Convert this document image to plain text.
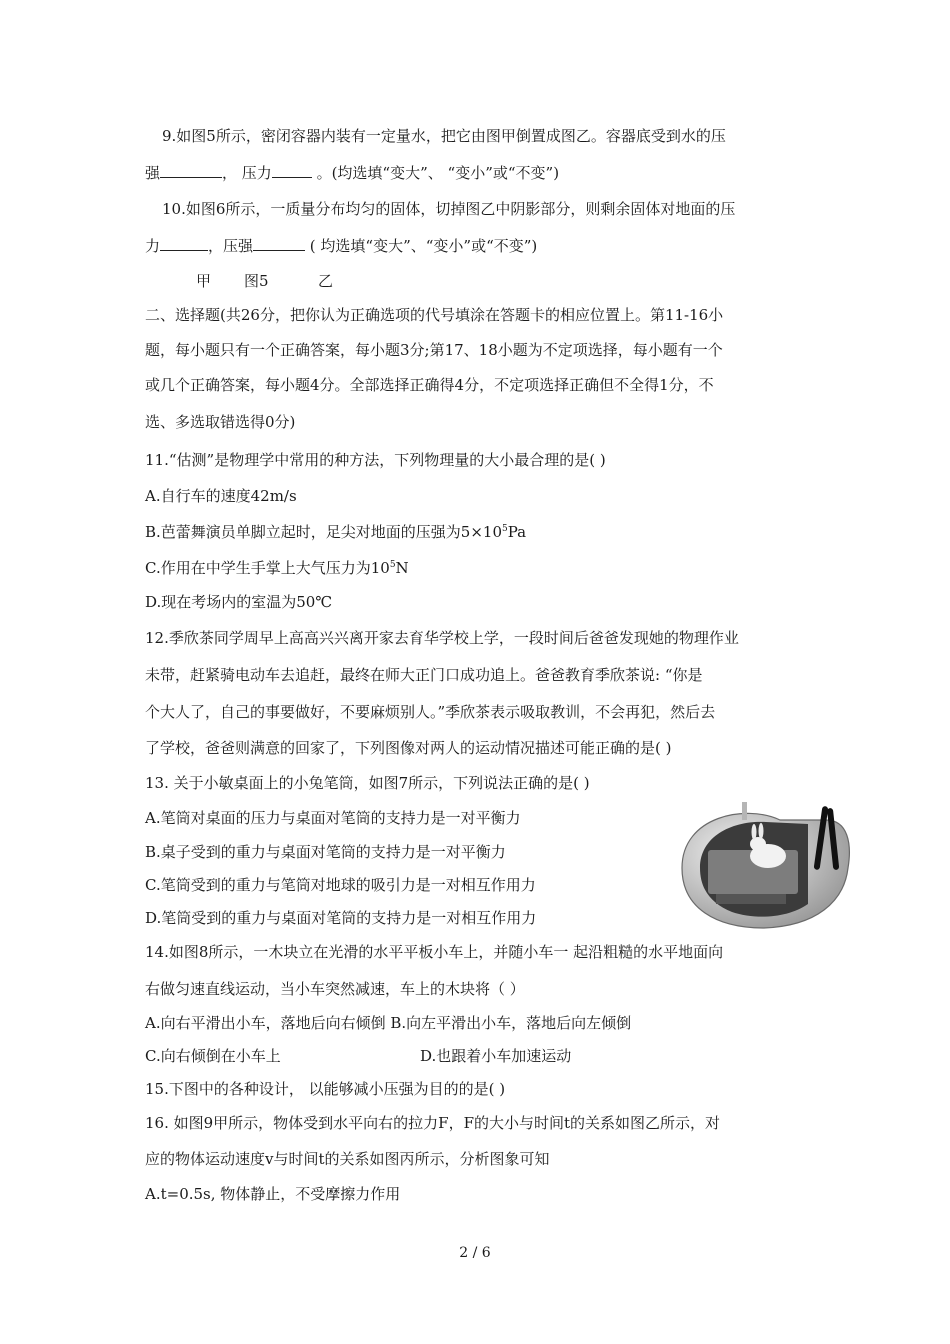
9.如图5所示，密闭容器内装有一定量水，把它由图甲倒置成图乙。容器底受到水的压
强	， 压力	。(均选填“变大”、 “变小”或“不变”)
10.如图6所示，一质量分布均匀的固体，切掉图乙中阴影部分，则剩余固体对地面的压
力	，压强	( 均选填“变大”、“变小”或“不变”)
甲	图5	乙
二、选择题(共26分，把你认为正确选项的代号填涂在答题卡的相应位置上。第11-16小
题，每小题只有一个正确答案，每小题3分;第17、18小题为不定项选择，每小题有一个
或几个正确答案，每小题4分。全部选择正确得4分，不定项选择正确但不全得1分，不
选、多选取错选得0分)
11.“估测”是物理学中常用的种方法，下列物理量的大小最合理的是( )
A.自行车的速度42m/s
B.芭蕾舞演员单脚立起时，足尖对地面的压强为$5\times 10^5Pa$
C.作用在中学生手掌上大气压力为$10^5N$
D.现在考场内的室温为50℃
12.季欣茶同学周早上高高兴兴离开家去育华学校上学，一段时间后爸爸发现她的物理作业
未带，赶紧骑电动车去追赶，最终在师大正门口成功追上。爸爸教育季欣茶说: “你是
个大人了，自己的事要做好，不要麻烦别人。”季欣茶表示吸取教训，不会再犯，然后去
了学校，爸爸则满意的回家了，下列图像对两人的运动情况描述可能正确的是( )
13. 关于小敏桌面上的小兔笔筒，如图7所示，下列说法正确的是( )
A.笔筒对桌面的压力与桌面对笔筒的支持力是一对平衡力
B.桌子受到的重力与桌面对笔筒的支持力是一对平衡力
C.笔筒受到的重力与笔筒对地球的吸引力是一对相互作用力
D.笔筒受到的重力与桌面对笔筒的支持力是一对相互作用力
14.如图8所示，一木块立在光滑的水平平板小车上，并随小车一 起沿粗糙的水平地面向
右做匀速直线运动，当小车突然减速，车上的木块将（ ）
A.向右平滑出小车，落地后向右倾倒 B.向左平滑出小车，落地后向左倾倒
C.向右倾倒在小车上	D.也跟着小车加速运动
15.下图中的各种设计， 以能够减小压强为目的的是( )
16. 如图9甲所示，物体受到水平向右的拉力F，F的大小与时间t的关系如图乙所示，对
应的物体运动速度v与时间t的关系如图丙所示，分析图象可知
A.t=0.5s, 物体静止，不受摩擦力作用
2 / 6
